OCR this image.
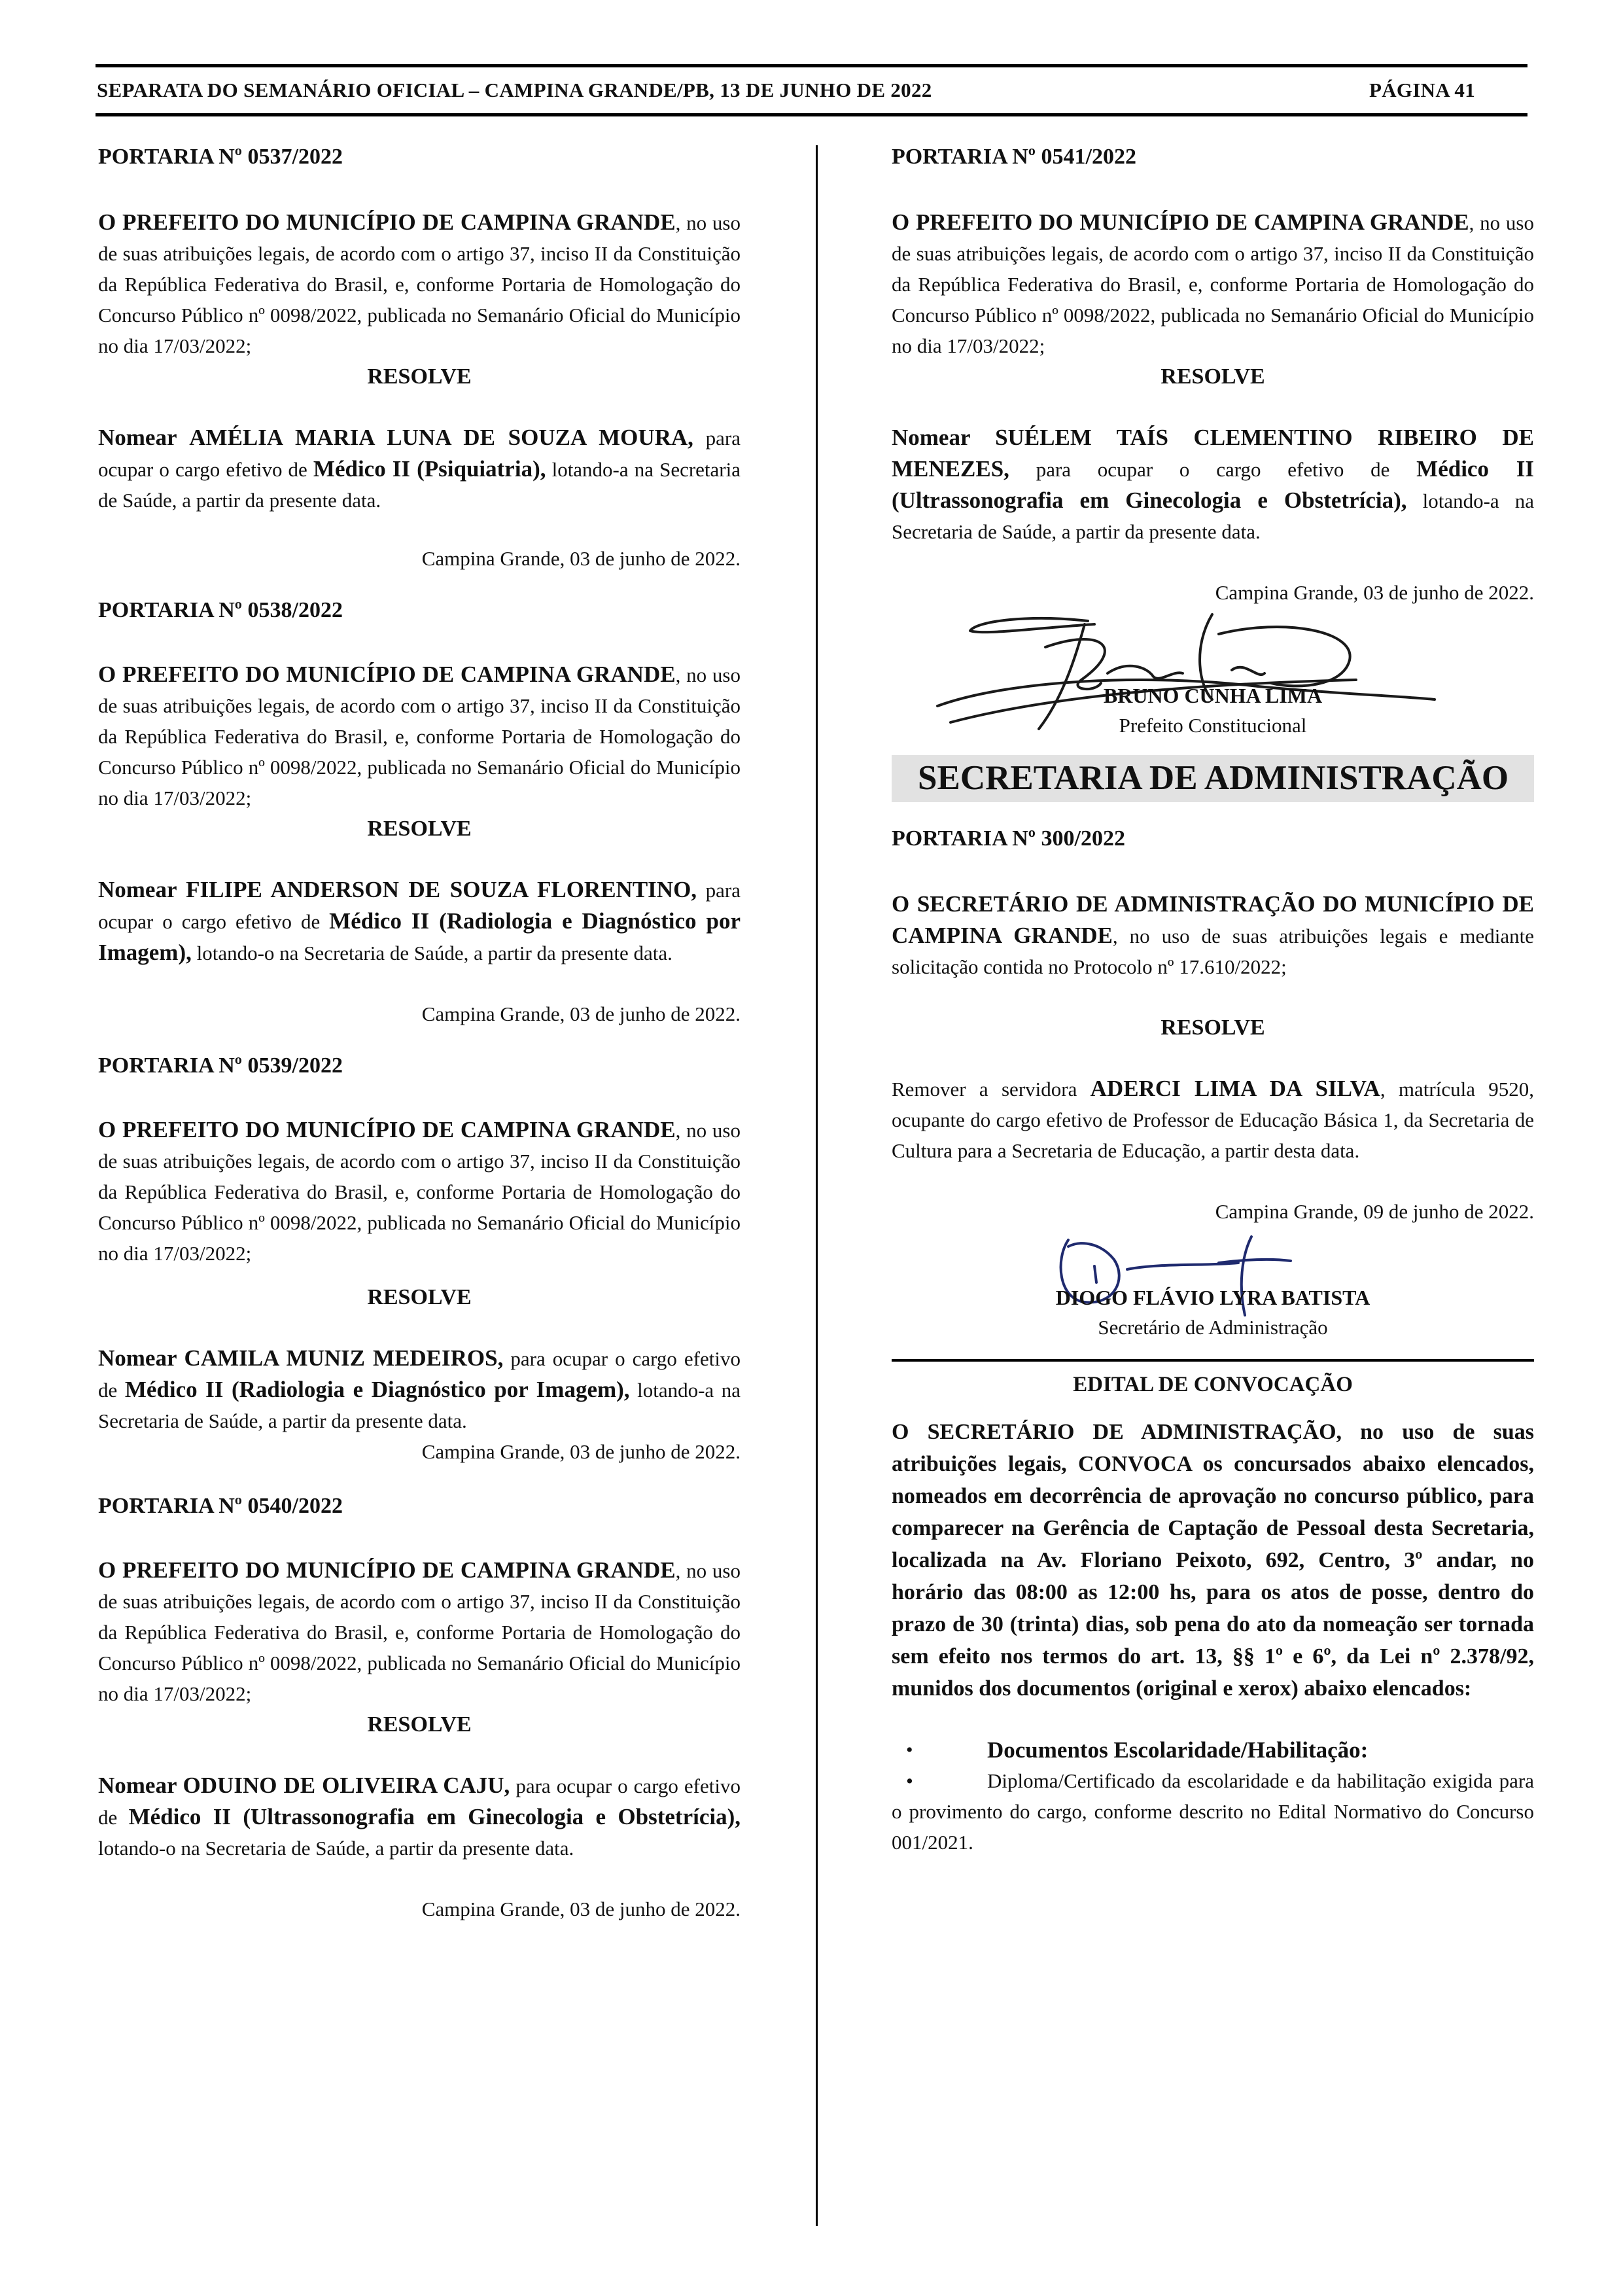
SEPARATA DO SEMANÁRIO OFICIAL – CAMPINA GRANDE/PB, 13 DE JUNHO DE 2022	PÁGINA 41

PORTARIA Nº 0537/2022

O PREFEITO DO MUNICÍPIO DE CAMPINA GRANDE, no uso de suas atribuições legais, de acordo com o artigo 37, inciso II da Constituição da República Federativa do Brasil, e, conforme Portaria de Homologação do Concurso Público nº 0098/2022, publicada no Semanário Oficial do Município no dia 17/03/2022;

RESOLVE

Nomear AMÉLIA MARIA LUNA DE SOUZA MOURA, para ocupar o cargo efetivo de Médico II (Psiquiatria), lotando-a na Secretaria de Saúde, a partir da presente data.

Campina Grande, 03 de junho de 2022.

PORTARIA Nº 0538/2022

O PREFEITO DO MUNICÍPIO DE CAMPINA GRANDE, no uso de suas atribuições legais, de acordo com o artigo 37, inciso II da Constituição da República Federativa do Brasil, e, conforme Portaria de Homologação do Concurso Público nº 0098/2022, publicada no Semanário Oficial do Município no dia 17/03/2022;

RESOLVE

Nomear FILIPE ANDERSON DE SOUZA FLORENTINO, para ocupar o cargo efetivo de Médico II (Radiologia e Diagnóstico por Imagem), lotando-o na Secretaria de Saúde, a partir da presente data.

Campina Grande, 03 de junho de 2022.

PORTARIA Nº 0539/2022

O PREFEITO DO MUNICÍPIO DE CAMPINA GRANDE, no uso de suas atribuições legais, de acordo com o artigo 37, inciso II da Constituição da República Federativa do Brasil, e, conforme Portaria de Homologação do Concurso Público nº 0098/2022, publicada no Semanário Oficial do Município no dia 17/03/2022;

RESOLVE

Nomear CAMILA MUNIZ MEDEIROS, para ocupar o cargo efetivo de Médico II (Radiologia e Diagnóstico por Imagem), lotando-a na Secretaria de Saúde, a partir da presente data.

Campina Grande, 03 de junho de 2022.

PORTARIA Nº 0540/2022

O PREFEITO DO MUNICÍPIO DE CAMPINA GRANDE, no uso de suas atribuições legais, de acordo com o artigo 37, inciso II da Constituição da República Federativa do Brasil, e, conforme Portaria de Homologação do Concurso Público nº 0098/2022, publicada no Semanário Oficial do Município no dia 17/03/2022;

RESOLVE

Nomear ODUINO DE OLIVEIRA CAJU, para ocupar o cargo efetivo de Médico II (Ultrassonografia em Ginecologia e Obstetrícia), lotando-o na Secretaria de Saúde, a partir da presente data.

Campina Grande, 03 de junho de 2022.

PORTARIA Nº 0541/2022

O PREFEITO DO MUNICÍPIO DE CAMPINA GRANDE, no uso de suas atribuições legais, de acordo com o artigo 37, inciso II da Constituição da República Federativa do Brasil, e, conforme Portaria de Homologação do Concurso Público nº 0098/2022, publicada no Semanário Oficial do Município no dia 17/03/2022;

RESOLVE

Nomear SUÉLEM TAÍS CLEMENTINO RIBEIRO DE MENEZES, para ocupar o cargo efetivo de Médico II (Ultrassonografia em Ginecologia e Obstetrícia), lotando-a na Secretaria de Saúde, a partir da presente data.

Campina Grande, 03 de junho de 2022.

BRUNO CUNHA LIMA

Prefeito Constitucional

SECRETARIA DE ADMINISTRAÇÃO

PORTARIA Nº 300/2022

O SECRETÁRIO DE ADMINISTRAÇÃO DO MUNICÍPIO DE CAMPINA GRANDE, no uso de suas atribuições legais e mediante solicitação contida no Protocolo nº 17.610/2022;

RESOLVE

Remover a servidora ADERCI LIMA DA SILVA, matrícula 9520, ocupante do cargo efetivo de Professor de Educação Básica 1, da Secretaria de Cultura para a Secretaria de Educação, a partir desta data.

Campina Grande, 09 de junho de 2022.

DIOGO FLÁVIO LYRA BATISTA

Secretário de Administração

EDITAL DE CONVOCAÇÃO

O SECRETÁRIO DE ADMINISTRAÇÃO, no uso de suas atribuições legais, CONVOCA os concursados abaixo elencados, nomeados em decorrência de aprovação no concurso público, para comparecer na Gerência de Captação de Pessoal desta Secretaria, localizada na Av. Floriano Peixoto, 692, Centro, 3º andar, no horário das 08:00 as 12:00 hs, para os atos de posse, dentro do prazo de 30 (trinta) dias, sob pena do ato da nomeação ser tornada sem efeito nos termos do art. 13, §§ 1º e 6º, da Lei nº 2.378/92, munidos dos documentos (original e xerox) abaixo elencados:

•	Documentos Escolaridade/Habilitação:

•	Diploma/Certificado da escolaridade e da habilitação exigida para o provimento do cargo, conforme descrito no Edital Normativo do Concurso 001/2021.
